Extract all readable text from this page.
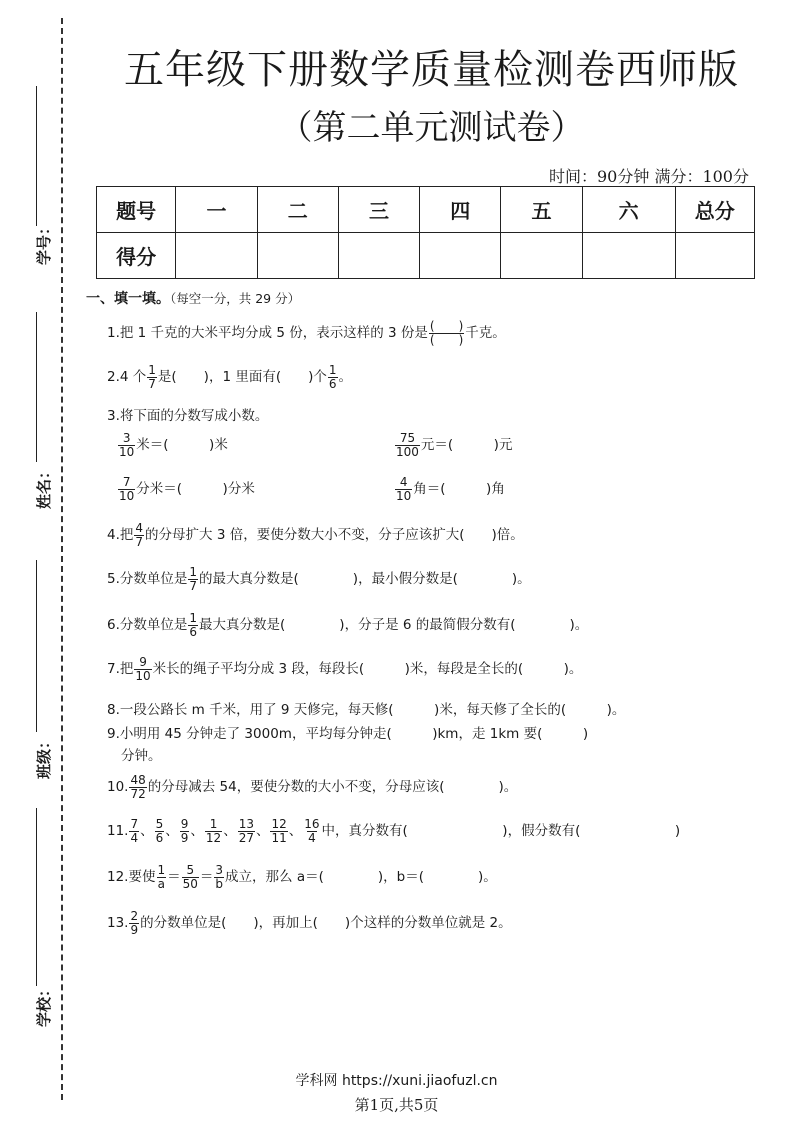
学号：
姓名：
班级：
学校：
五年级下册数学质量检测卷西师版
（第二单元测试卷）
时间：90分钟 满分：100分
题号	一	二	三	四	五	六	总分
得分							
一、填一填。（每空一分，共 29 分）
1.把 1 千克的大米平均分成 5 份，表示这样的 3 份是 $\frac{( )}{( )}$ 千克。
2.4 个 $\frac{1}{7}$ 是(　　)，1 里面有(　　)个 $\frac{1}{6}$ 。
3.将下面的分数写成小数。
$\frac{3}{10}$ 米＝(　　　)米	$\frac{75}{100}$ 元＝(　　　)元
$\frac{7}{10}$ 分米＝(　　　)分米	$\frac{4}{10}$ 角＝(　　　)角
4.把 $\frac{4}{7}$ 的分母扩大 3 倍，要使分数大小不变，分子应该扩大(　　)倍。
5.分数单位是 $\frac{1}{7}$ 的最大真分数是(　　　　)，最小假分数是(　　　　)。
6.分数单位是 $\frac{1}{6}$ 最大真分数是(　　　　)，分子是 6 的最简假分数有(　　　　)。
7.把 $\frac{9}{10}$ 米长的绳子平均分成 3 段，每段长(　　　)米，每段是全长的(　　　)。
8.一段公路长 m 千米，用了 9 天修完，每天修(　　　)米，每天修了全长的(　　　)。
9.小明用 45 分钟走了 3000m，平均每分钟走(　　　)km，走 1km 要(　　　)
分钟。
10. $\frac{48}{72}$ 的分母减去 54，要使分数的大小不变，分母应该(　　　　)。
11. $\frac{7}{4}$ 、 $\frac{5}{6}$ 、 $\frac{9}{9}$ 、 $\frac{1}{12}$ 、 $\frac{13}{27}$ 、 $\frac{12}{11}$ 、 $\frac{16}{4}$ 中，真分数有(　　　　　　　)，假分数有(　　　　　　　)
12.要使 $\frac{1}{a} = \frac{5}{50} = \frac{3}{b}$ 成立，那么 a＝(　　　　)，b＝(　　　　)。
13. $\frac{2}{9}$ 的分数单位是(　　)，再加上(　　)个这样的分数单位就是 2。
学科网 https://xuni.jiaofuzl.cn
第1页,共5页
